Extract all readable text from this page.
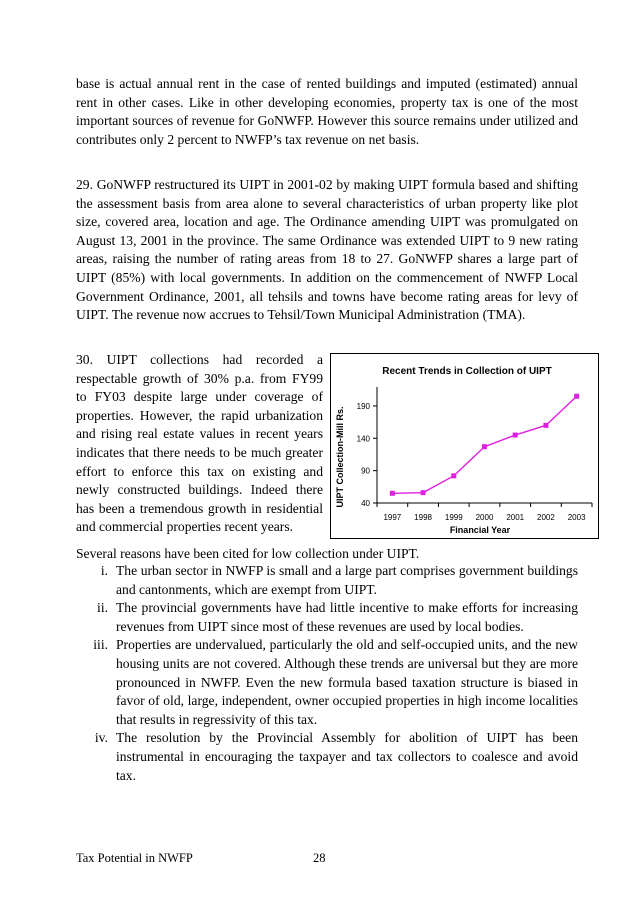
base is actual annual rent in the case of rented buildings and imputed (estimated) annual rent in other cases. Like in other developing economies, property tax is one of the most important sources of revenue for GoNWFP. However this source remains under utilized and contributes only 2 percent to NWFP’s tax revenue on net basis.

29. GoNWFP restructured its UIPT in 2001-02 by making UIPT formula based and shifting the assessment basis from area alone to several characteristics of urban property like plot size, covered area, location and age. The Ordinance amending UIPT was promulgated on August 13, 2001 in the province. The same Ordinance was extended UIPT to 9 new rating areas, raising the number of rating areas from 18 to 27. GoNWFP shares a large part of UIPT (85%) with local governments. In addition on the commencement of NWFP Local Government Ordinance, 2001, all tehsils and towns have become rating areas for levy of UIPT. The revenue now accrues to Tehsil/Town Municipal Administration (TMA).

30. UIPT collections had recorded a respectable growth of 30% p.a. from FY99 to FY03 despite large under coverage of properties. However, the rapid urbanization and rising real estate values in recent years indicates that there needs to be much greater effort to enforce this tax on existing and newly constructed buildings. Indeed there has been a tremendous growth in residential and commercial properties recent years.

Recent Trends in Collection of UIPT
UIPT Collection-Mill Rs.
Financial Year
40
90
140
190
1997 1998 1999 2000 2001 2002 2003

Several reasons have been cited for low collection under UIPT.

i. The urban sector in NWFP is small and a large part comprises government buildings and cantonments, which are exempt from UIPT.
ii. The provincial governments have had little incentive to make efforts for increasing revenues from UIPT since most of these revenues are used by local bodies.
iii. Properties are undervalued, particularly the old and self-occupied units, and the new housing units are not covered. Although these trends are universal but they are more pronounced in NWFP. Even the new formula based taxation structure is biased in favor of old, large, independent, owner occupied properties in high income localities that results in regressivity of this tax.
iv. The resolution by the Provincial Assembly for abolition of UIPT has been instrumental in encouraging the taxpayer and tax collectors to coalesce and avoid tax.
Tax Potential in NWFP	28
